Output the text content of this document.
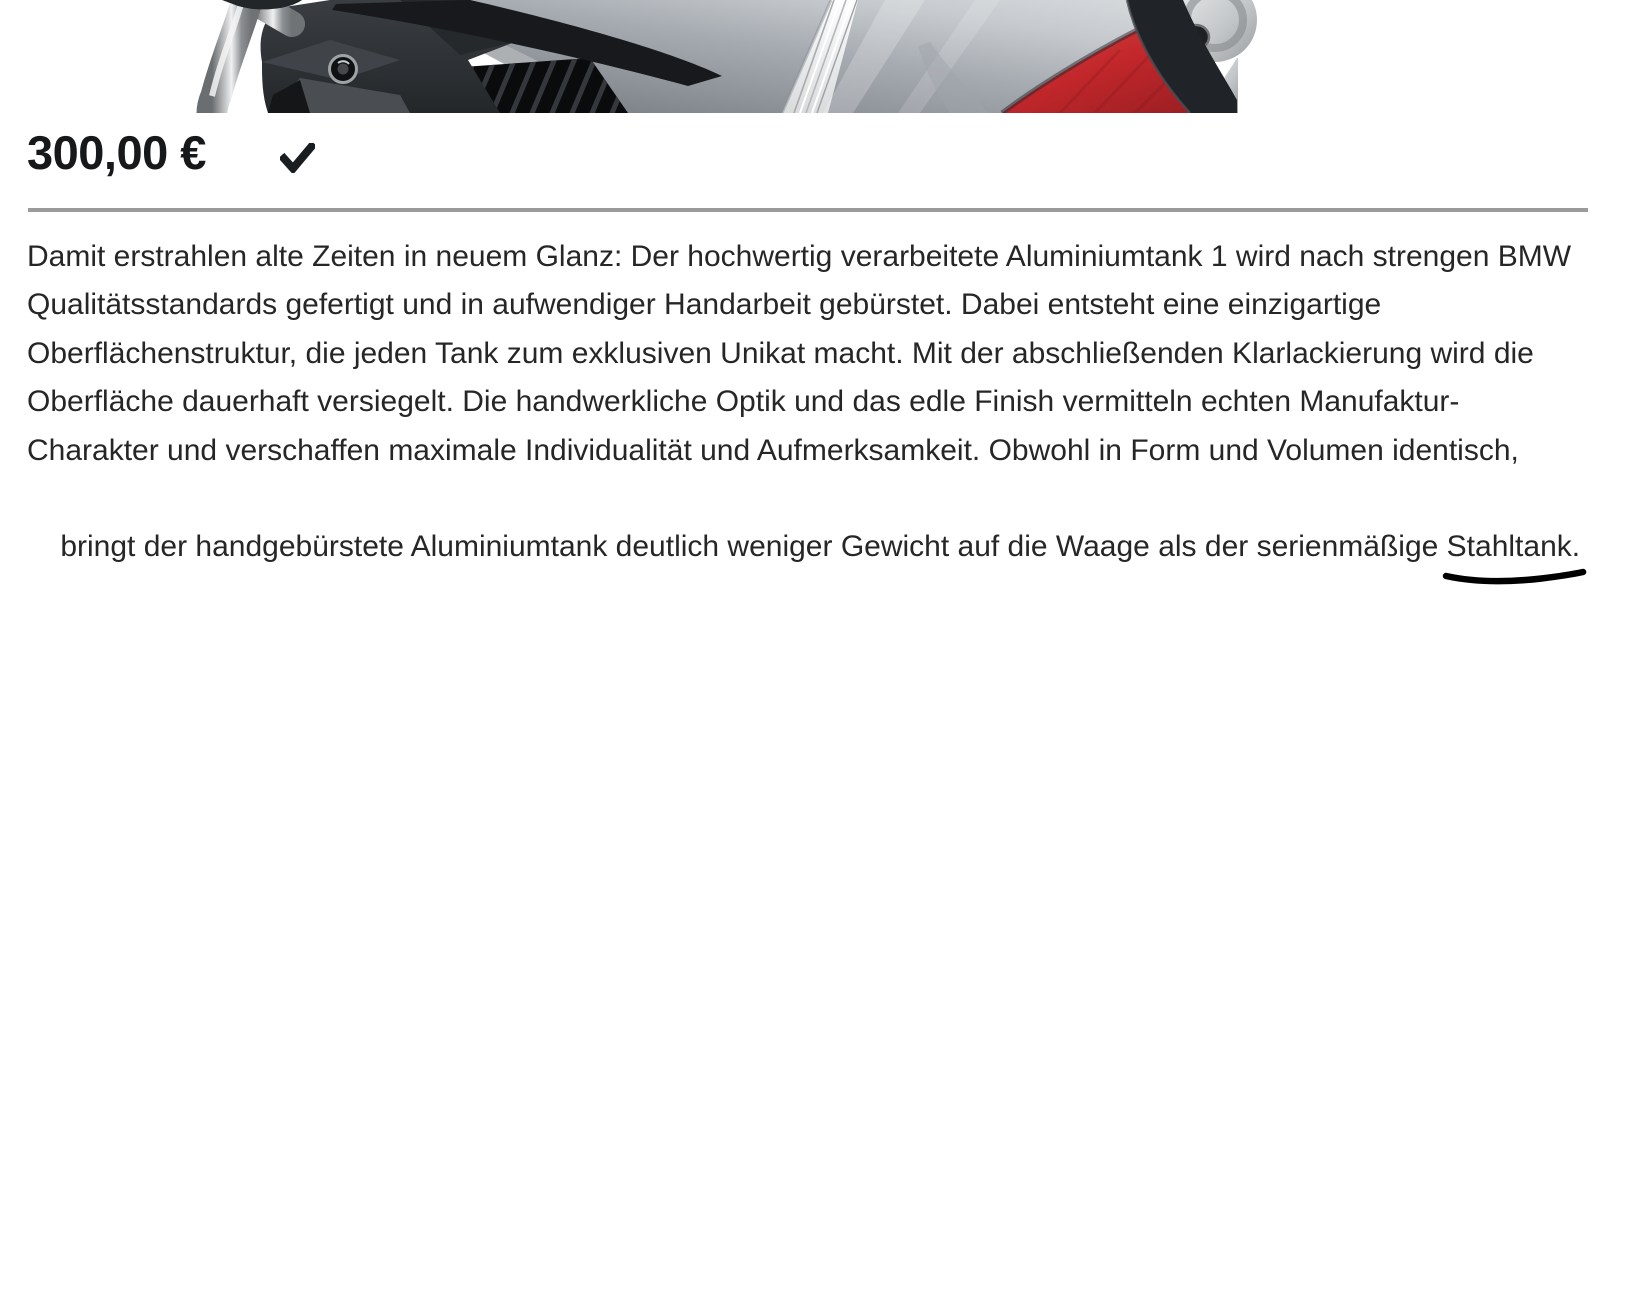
300,00 €
Damit erstrahlen alte Zeiten in neuem Glanz: Der hochwertig verarbeitete Aluminiumtank 1 wird nach strengen BMW
Qualitätsstandards gefertigt und in aufwendiger Handarbeit gebürstet. Dabei entsteht eine einzigartige
Oberflächenstruktur, die jeden Tank zum exklusiven Unikat macht. Mit der abschließenden Klarlackierung wird die
Oberfläche dauerhaft versiegelt. Die handwerkliche Optik und das edle Finish vermitteln echten Manufaktur-
Charakter und verschaffen maximale Individualität und Aufmerksamkeit. Obwohl in Form und Volumen identisch,

bringt der handgebürstete Aluminiumtank deutlich weniger Gewicht auf die Waage als der serienmäßige Stahltank
.
